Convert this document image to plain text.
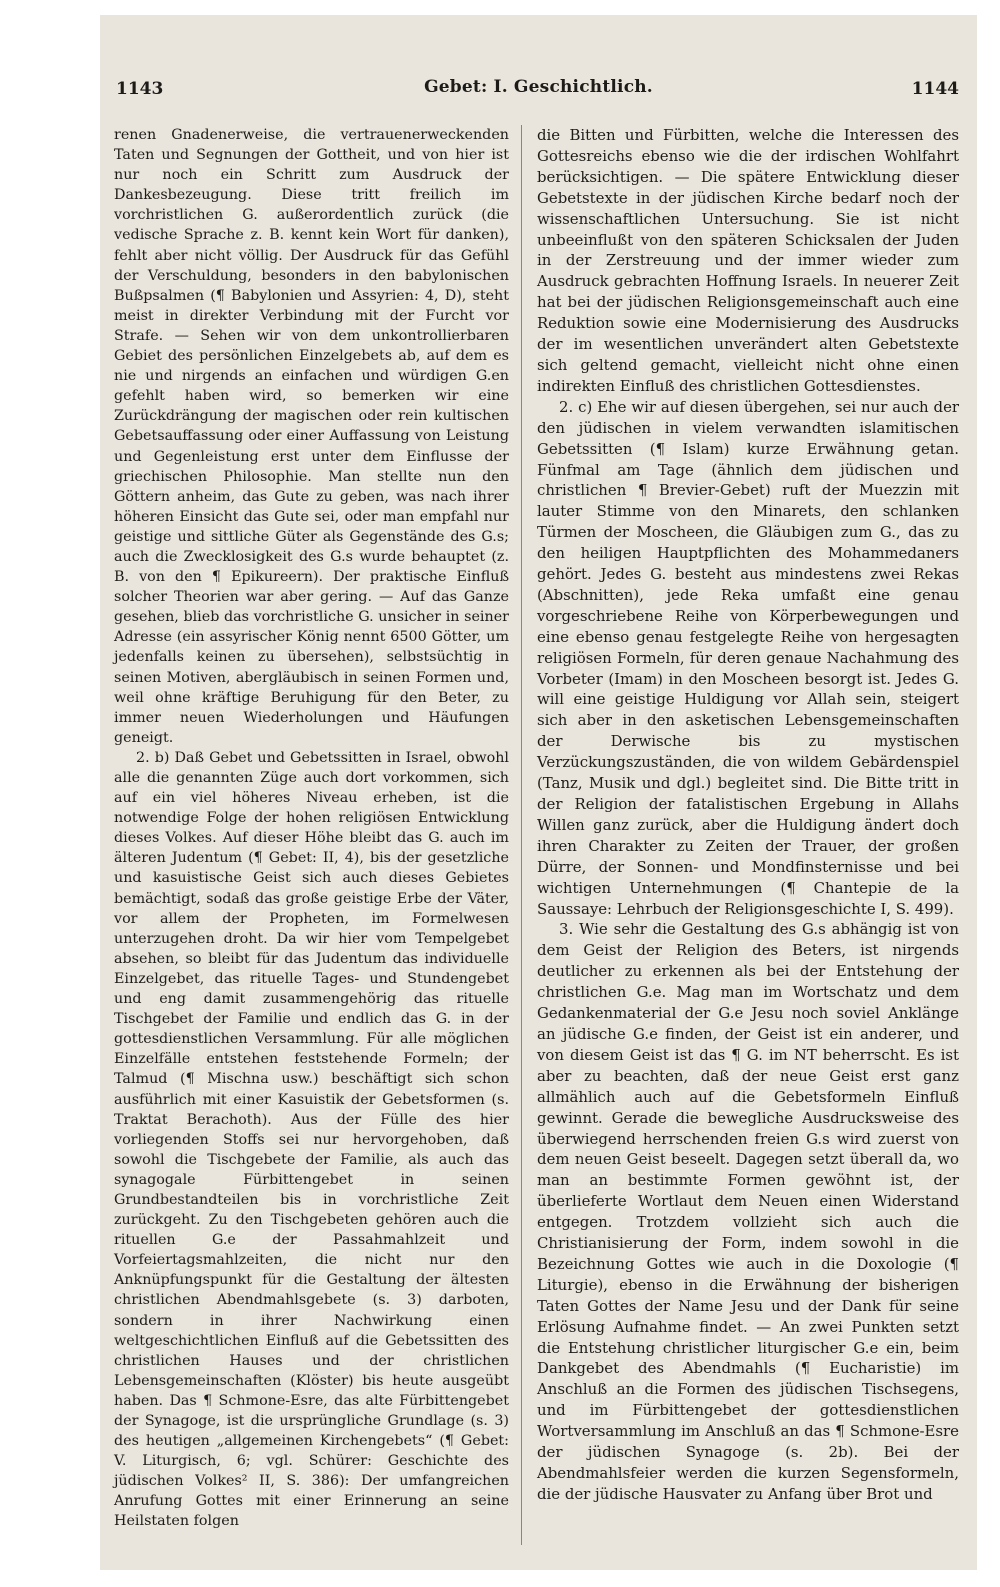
1143	Gebet: I. Geschichtlich.	1144

renen Gnadenerweise, die vertrauenerweckenden Taten und Segnungen der Gottheit, und von hier ist nur noch ein Schritt zum Ausdruck der Dankesbezeugung. Diese tritt freilich im vorchristlichen G. außerordentlich zurück (die vedische Sprache z. B. kennt kein Wort für danken), fehlt aber nicht völlig. Der Ausdruck für das Gefühl der Verschuldung, besonders in den babylonischen Bußpsalmen (¶ Babylonien und Assyrien: 4, D), steht meist in direkter Verbindung mit der Furcht vor Strafe. — Sehen wir von dem unkontrollierbaren Gebiet des persönlichen Einzelgebets ab, auf dem es nie und nirgends an einfachen und würdigen G.en gefehlt haben wird, so bemerken wir eine Zurückdrängung der magischen oder rein kultischen Gebetsauffassung oder einer Auffassung von Leistung und Gegenleistung erst unter dem Einflusse der griechischen Philosophie. Man stellte nun den Göttern anheim, das Gute zu geben, was nach ihrer höheren Einsicht das Gute sei, oder man empfahl nur geistige und sittliche Güter als Gegenstände des G.s; auch die Zwecklosigkeit des G.s wurde behauptet (z. B. von den ¶ Epikureern). Der praktische Einfluß solcher Theorien war aber gering. — Auf das Ganze gesehen, blieb das vorchristliche G. unsicher in seiner Adresse (ein assyrischer König nennt 6500 Götter, um jedenfalls keinen zu übersehen), selbstsüchtig in seinen Motiven, abergläubisch in seinen Formen und, weil ohne kräftige Beruhigung für den Beter, zu immer neuen Wiederholungen und Häufungen geneigt.

2. b) Daß Gebet und Gebetssitten in Israel, obwohl alle die genannten Züge auch dort vorkommen, sich auf ein viel höheres Niveau erheben, ist die notwendige Folge der hohen religiösen Entwicklung dieses Volkes. Auf dieser Höhe bleibt das G. auch im älteren Judentum (¶ Gebet: II, 4), bis der gesetzliche und kasuistische Geist sich auch dieses Gebietes bemächtigt, sodaß das große geistige Erbe der Väter, vor allem der Propheten, im Formelwesen unterzugehen droht. Da wir hier vom Tempelgebet absehen, so bleibt für das Judentum das individuelle Einzelgebet, das rituelle Tages- und Stundengebet und eng damit zusammengehörig das rituelle Tischgebet der Familie und endlich das G. in der gottesdienstlichen Versammlung. Für alle möglichen Einzelfälle entstehen feststehende Formeln; der Talmud (¶ Mischna usw.) beschäftigt sich schon ausführlich mit einer Kasuistik der Gebetsformen (s. Traktat Berachoth). Aus der Fülle des hier vorliegenden Stoffs sei nur hervorgehoben, daß sowohl die Tischgebete der Familie, als auch das synagogale Fürbittengebet in seinen Grundbestandteilen bis in vorchristliche Zeit zurückgeht. Zu den Tischgebeten gehören auch die rituellen G.e der Passahmahlzeit und Vorfeiertagsmahlzeiten, die nicht nur den Anknüpfungspunkt für die Gestaltung der ältesten christlichen Abendmahlsgebete (s. 3) darboten, sondern in ihrer Nachwirkung einen weltgeschichtlichen Einfluß auf die Gebetssitten des christlichen Hauses und der christlichen Lebensgemeinschaften (Klöster) bis heute ausgeübt haben. Das ¶ Schmone-Esre, das alte Fürbittengebet der Synagoge, ist die ursprüngliche Grundlage (s. 3) des heutigen „allgemeinen Kirchengebets“ (¶ Gebet: V. Liturgisch, 6; vgl. Schürer: Geschichte des jüdischen Volkes² II, S. 386): Der umfangreichen Anrufung Gottes mit einer Erinnerung an seine Heilstaten folgen

die Bitten und Fürbitten, welche die Interessen des Gottesreichs ebenso wie die der irdischen Wohlfahrt berücksichtigen. — Die spätere Entwicklung dieser Gebetstexte in der jüdischen Kirche bedarf noch der wissenschaftlichen Untersuchung. Sie ist nicht unbeeinflußt von den späteren Schicksalen der Juden in der Zerstreuung und der immer wieder zum Ausdruck gebrachten Hoffnung Israels. In neuerer Zeit hat bei der jüdischen Religionsgemeinschaft auch eine Reduktion sowie eine Modernisierung des Ausdrucks der im wesentlichen unverändert alten Gebetstexte sich geltend gemacht, vielleicht nicht ohne einen indirekten Einfluß des christlichen Gottesdienstes.

2. c) Ehe wir auf diesen übergehen, sei nur auch der den jüdischen in vielem verwandten islamitischen Gebetssitten (¶ Islam) kurze Erwähnung getan. Fünfmal am Tage (ähnlich dem jüdischen und christlichen ¶ Brevier-Gebet) ruft der Muezzin mit lauter Stimme von den Minarets, den schlanken Türmen der Moscheen, die Gläubigen zum G., das zu den heiligen Hauptpflichten des Mohammedaners gehört. Jedes G. besteht aus mindestens zwei Rekas (Abschnitten), jede Reka umfaßt eine genau vorgeschriebene Reihe von Körperbewegungen und eine ebenso genau festgelegte Reihe von hergesagten religiösen Formeln, für deren genaue Nachahmung des Vorbeter (Imam) in den Moscheen besorgt ist. Jedes G. will eine geistige Huldigung vor Allah sein, steigert sich aber in den asketischen Lebensgemeinschaften der Derwische bis zu mystischen Verzückungszuständen, die von wildem Gebärdenspiel (Tanz, Musik und dgl.) begleitet sind. Die Bitte tritt in der Religion der fatalistischen Ergebung in Allahs Willen ganz zurück, aber die Huldigung ändert doch ihren Charakter zu Zeiten der Trauer, der großen Dürre, der Sonnen- und Mondfinsternisse und bei wichtigen Unternehmungen (¶ Chantepie de la Saussaye: Lehrbuch der Religionsgeschichte I, S. 499).

3. Wie sehr die Gestaltung des G.s abhängig ist von dem Geist der Religion des Beters, ist nirgends deutlicher zu erkennen als bei der Entstehung der christlichen G.e. Mag man im Wortschatz und dem Gedankenmaterial der G.e Jesu noch soviel Anklänge an jüdische G.e finden, der Geist ist ein anderer, und von diesem Geist ist das ¶ G. im NT beherrscht. Es ist aber zu beachten, daß der neue Geist erst ganz allmählich auch auf die Gebetsformeln Einfluß gewinnt. Gerade die bewegliche Ausdrucksweise des überwiegend herrschenden freien G.s wird zuerst von dem neuen Geist beseelt. Dagegen setzt überall da, wo man an bestimmte Formen gewöhnt ist, der überlieferte Wortlaut dem Neuen einen Widerstand entgegen. Trotzdem vollzieht sich auch die Christianisierung der Form, indem sowohl in die Bezeichnung Gottes wie auch in die Doxologie (¶ Liturgie), ebenso in die Erwähnung der bisherigen Taten Gottes der Name Jesu und der Dank für seine Erlösung Aufnahme findet. — An zwei Punkten setzt die Entstehung christlicher liturgischer G.e ein, beim Dankgebet des Abendmahls (¶ Eucharistie) im Anschluß an die Formen des jüdischen Tischsegens, und im Fürbittengebet der gottesdienstlichen Wortversammlung im Anschluß an das ¶ Schmone-Esre der jüdischen Synagoge (s. 2b). Bei der Abendmahlsfeier werden die kurzen Segensformeln, die der jüdische Hausvater zu Anfang über Brot und
